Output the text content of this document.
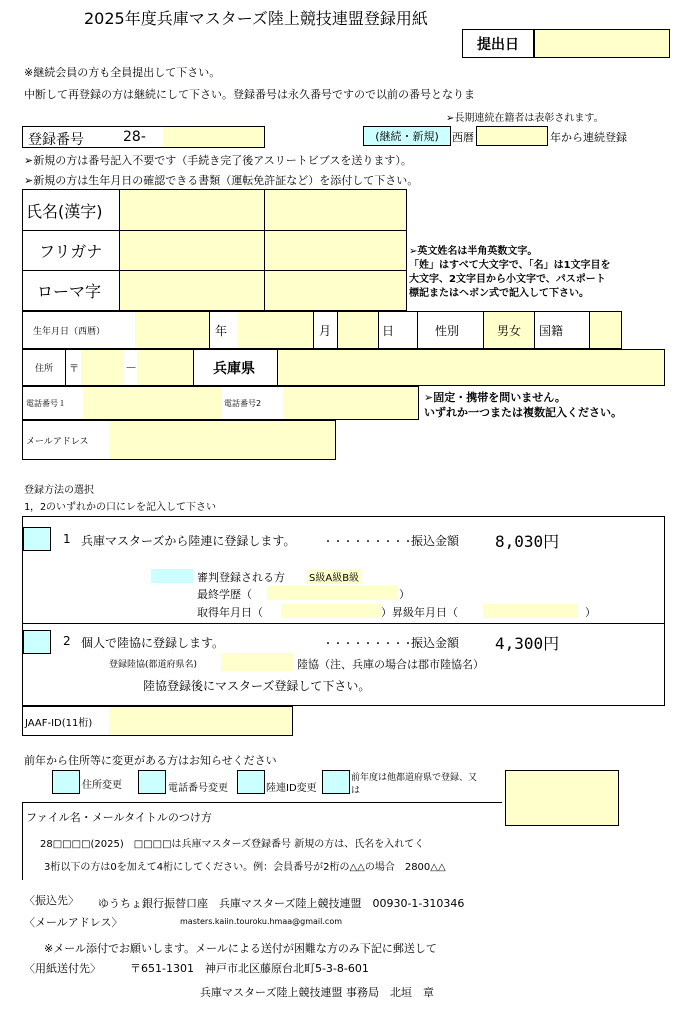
2025年度兵庫マスターズ陸上競技連盟登録用紙
提出日
※継続会員の方も全員提出して下さい。
中断して再登録の方は継続にして下さい。登録番号は永久番号ですので以前の番号となりま
➢長期連続在籍者は表彰されます。
登録番号	28-	(継続・新規)	西暦	年から連続登録
➢新規の方は番号記入不要です（手続き完了後アスリートビブスを送ります）。
➢新規の方は生年月日の確認できる書類（運転免許証など）を添付して下さい。
氏名(漢字)
フリガナ
ローマ字
➢英文姓名は半角英数文字。
「姓」はすべて大文字で、「名」は1文字目を
大文字、2文字目から小文字で、パスポート
標記またはヘボン式で記入して下さい。
生年月日（西暦）	年	月	日	性別	男女	国籍
住所 〒	－	兵庫県
電話番号１	電話番号2	➢固定・携帯を問いません。
いずれか一つまたは複数記入ください。
メールアドレス
登録方法の選択
1，2のいずれかの口にレを記入して下さい
1 兵庫マスターズから陸連に登録します。	・・・・・・・・・・
振込金額 8,030円
審判登録される方 S級A級B級
最終学歴（	）
取得年月日（	）昇級年月日（	）
2 個人で陸協に登録します。	・・・・・・・・・・
振込金額 4,300円
登録陸協(都道府県名)	陸協（注、兵庫の場合は郡市陸協名）
陸協登録後にマスターズ登録して下さい。
JAAF-ID(11桁)
前年から住所等に変更がある方はお知らせください
住所変更	電話番号変更	陸連ID変更
前年度は他都道府県で登録、又
は
ファイル名・メールタイトルのつけ方
28□□□□(2025)　□□□□は兵庫マスターズ登録番号 新規の方は、氏名を入れてく
3桁以下の方は0を加えて4桁にしてください。例：会員番号が2桁の△△の場合　2800△△
〈振込先〉 ゆうちょ銀行振替口座　兵庫マスターズ陸上競技連盟　00930-1-310346
〈メールアドレス〉	masters.kaiin.touroku.hmaa@gmail.com
※メール添付でお願いします。メールによる送付が困難な方のみ下記に郵送して
〈用紙送付先〉	〒651-1301　神戸市北区藤原台北町5-3-8-601
兵庫マスターズ陸上競技連盟 事務局　北垣　章
